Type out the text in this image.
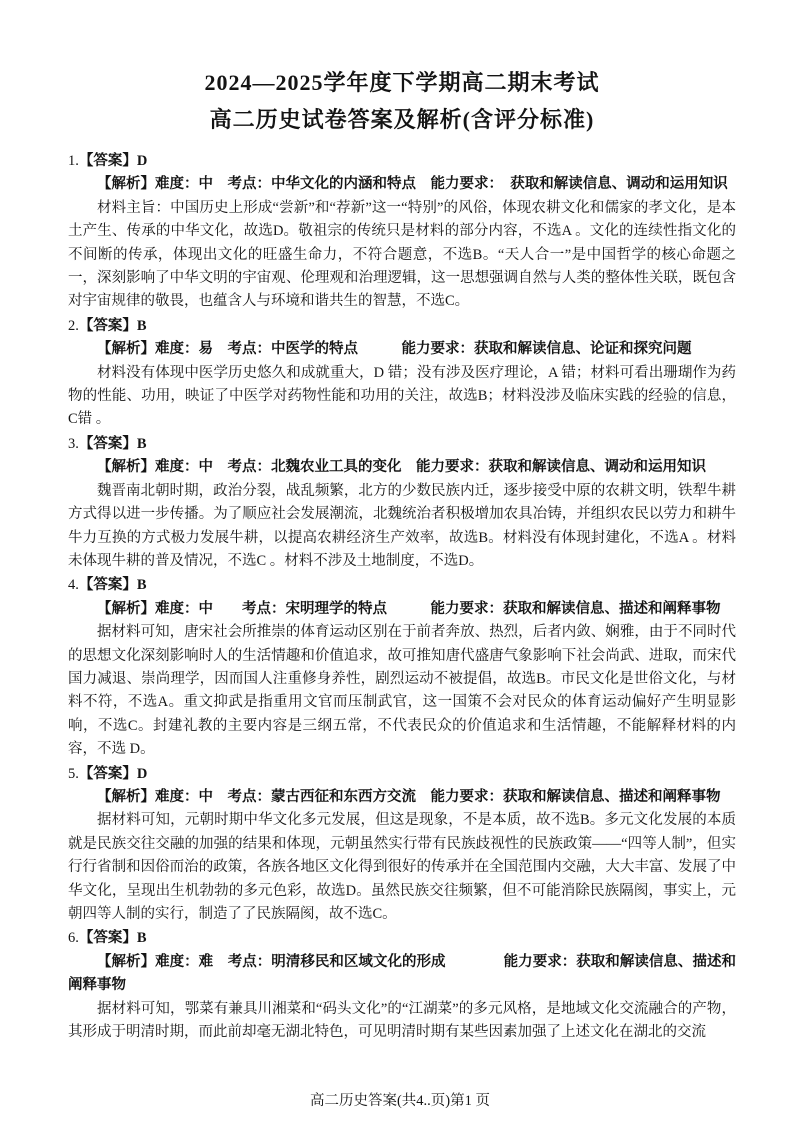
2024—2025学年度下学期高二期末考试
高二历史试卷答案及解析(含评分标准)

1.【答案】D

【解析】难度：中　考点：中华文化的内涵和特点　能力要求：　获取和解读信息、调动和运用知识

材料主旨：中国历史上形成“尝新”和“荐新”这一“特别”的风俗，体现农耕文化和儒家的孝文化，是本土产生、传承的中华文化，故选D。敬祖宗的传统只是材料的部分内容，不选A 。文化的连续性指文化的不间断的传承，体现出文化的旺盛生命力，不符合题意，不选B。“天人合一”是中国哲学的核心命题之一，深刻影响了中华文明的宇宙观、伦理观和治理逻辑，这一思想强调自然与人类的整体性关联，既包含对宇宙规律的敬畏，也蕴含人与环境和谐共生的智慧，不选C。

2.【答案】B

【解析】难度：易　考点：中医学的特点　　　能力要求：获取和解读信息、论证和探究问题

材料没有体现中医学历史悠久和成就重大，D 错；没有涉及医疗理论，A 错；材料可看出珊瑚作为药物的性能、功用，映证了中医学对药物性能和功用的关注，故选B；材料没涉及临床实践的经验的信息，C错 。

3.【答案】B

【解析】难度：中　考点：北魏农业工具的变化　能力要求：获取和解读信息、调动和运用知识

魏晋南北朝时期，政治分裂，战乱频繁，北方的少数民族内迁，逐步接受中原的农耕文明，铁犁牛耕方式得以进一步传播。为了顺应社会发展潮流，北魏统治者积极增加农具冶铸，并组织农民以劳力和耕牛牛力互换的方式极力发展牛耕，以提高农耕经济生产效率，故选B。材料没有体现封建化，不选A 。材料未体现牛耕的普及情况，不选C 。材料不涉及土地制度，不选D。

4.【答案】B

【解析】难度：中　　考点：宋明理学的特点　　　能力要求：获取和解读信息、描述和阐释事物

据材料可知，唐宋社会所推崇的体育运动区别在于前者奔放、热烈，后者内敛、娴雅，由于不同时代的思想文化深刻影响时人的生活情趣和价值追求，故可推知唐代盛唐气象影响下社会尚武、进取，而宋代国力减退、崇尚理学，因而国人注重修身养性，剧烈运动不被提倡，故选B。市民文化是世俗文化，与材料不符，不选A。重文抑武是指重用文官而压制武官，这一国策不会对民众的体育运动偏好产生明显影响，不选C。封建礼教的主要内容是三纲五常，不代表民众的价值追求和生活情趣，不能解释材料的内容，不选 D。

5.【答案】D

【解析】难度：中　考点：蒙古西征和东西方交流　能力要求：获取和解读信息、描述和阐释事物

据材料可知，元朝时期中华文化多元发展，但这是现象，不是本质，故不选B。多元文化发展的本质就是民族交往交融的加强的结果和体现，元朝虽然实行带有民族歧视性的民族政策——“四等人制”，但实行行省制和因俗而治的政策，各族各地区文化得到很好的传承并在全国范围内交融，大大丰富、发展了中华文化，呈现出生机勃勃的多元色彩，故选D。虽然民族交往频繁，但不可能消除民族隔阂，事实上，元朝四等人制的实行，制造了了民族隔阂，故不选C。

6.【答案】B

【解析】难度：难　考点：明清移民和区域文化的形成　　　　能力要求：获取和解读信息、描述和阐释事物

据材料可知，鄂菜有兼具川湘菜和“码头文化”的“江湖菜”的多元风格，是地域文化交流融合的产物，其形成于明清时期，而此前却毫无湖北特色，可见明清时期有某些因素加强了上述文化在湖北的交流

高二历史答案(共4..页)第1 页
